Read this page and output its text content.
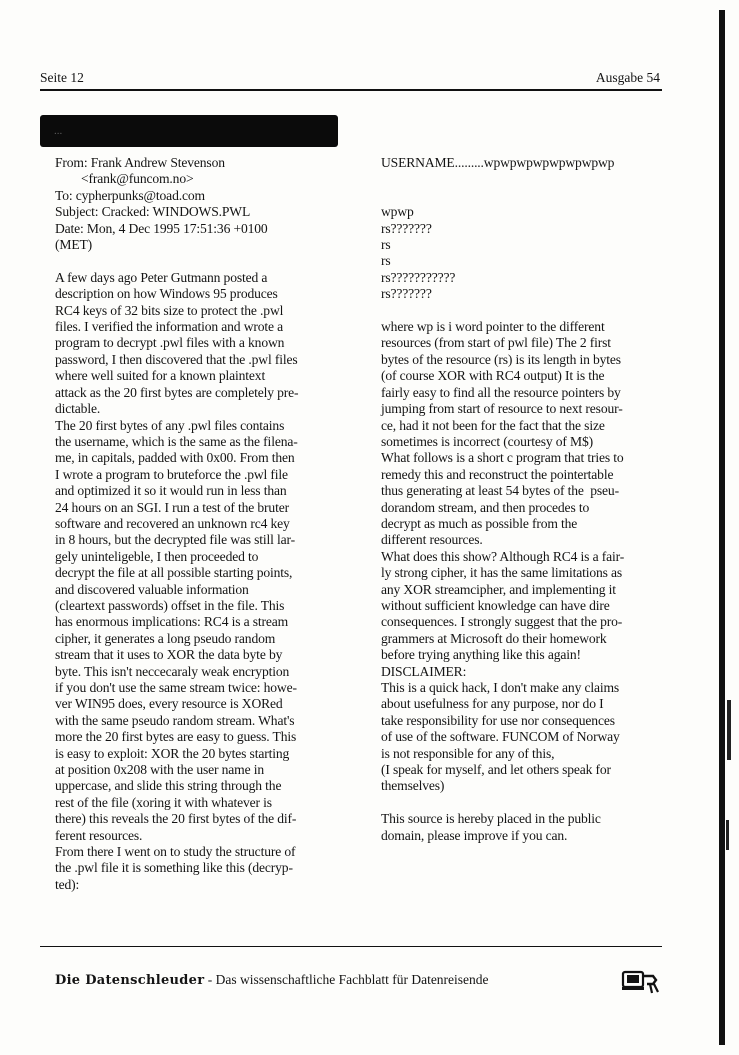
Seite 12	Ausgabe 54
...
From: Frank Andrew Stevenson
<frank@funcom.no>
To: cypherpunks@toad.com
Subject: Cracked: WINDOWS.PWL
Date: Mon, 4 Dec 1995 17:51:36 +0100
(MET)

A few days ago Peter Gutmann posted a
description on how Windows 95 produces
RC4 keys of 32 bits size to protect the .pwl
files. I verified the information and wrote a
program to decrypt .pwl files with a known
password, I then discovered that the .pwl files
where well suited for a known plaintext
attack as the 20 first bytes are completely pre-
dictable.
The 20 first bytes of any .pwl files contains
the username, which is the same as the filena-
me, in capitals, padded with 0x00. From then
I wrote a program to bruteforce the .pwl file
and optimized it so it would run in less than
24 hours on an SGI. I run a test of the bruter
software and recovered an unknown rc4 key
in 8 hours, but the decrypted file was still lar-
gely uninteligeble, I then proceeded to
decrypt the file at all possible starting points,
and discovered valuable information
(cleartext passwords) offset in the file. This
has enormous implications: RC4 is a stream
cipher, it generates a long pseudo random
stream that it uses to XOR the data byte by
byte. This isn't neccecaraly weak encryption
if you don't use the same stream twice: howe-
ver WIN95 does, every resource is XORed
with the same pseudo random stream. What's
more the 20 first bytes are easy to guess. This
is easy to exploit: XOR the 20 bytes starting
at position 0x208 with the user name in
uppercase, and slide this string through the
rest of the file (xoring it with whatever is
there) this reveals the 20 first bytes of the dif-
ferent resources.
From there I went on to study the structure of
the .pwl file it is something like this (decryp-
ted):
USERNAME.........wpwpwpwpwpwpwpwp

wpwp
rs???????
rs
rs
rs???????????
rs???????

where wp is i word pointer to the different
resources (from start of pwl file) The 2 first
bytes of the resource (rs) is its length in bytes
(of course XOR with RC4 output) It is the
fairly easy to find all the resource pointers by
jumping from start of resource to next resour-
ce, had it not been for the fact that the size
sometimes is incorrect (courtesy of M$)
What follows is a short c program that tries to
remedy this and reconstruct the pointertable
thus generating at least 54 bytes of the  pseu-
dorandom stream, and then procedes to
decrypt as much as possible from the
different resources.
What does this show? Although RC4 is a fair-
ly strong cipher, it has the same limitations as
any XOR streamcipher, and implementing it
without sufficient knowledge can have dire
consequences. I strongly suggest that the pro-
grammers at Microsoft do their homework
before trying anything like this again!
DISCLAIMER:
This is a quick hack, I don't make any claims
about usefulness for any purpose, nor do I
take responsibility for use nor consequences
of use of the software. FUNCOM of Norway
is not responsible for any of this,
(I speak for myself, and let others speak for
themselves)

This source is hereby placed in the public
domain, please improve if you can.
Die Datenschleuder - Das wissenschaftliche Fachblatt für Datenreisende
